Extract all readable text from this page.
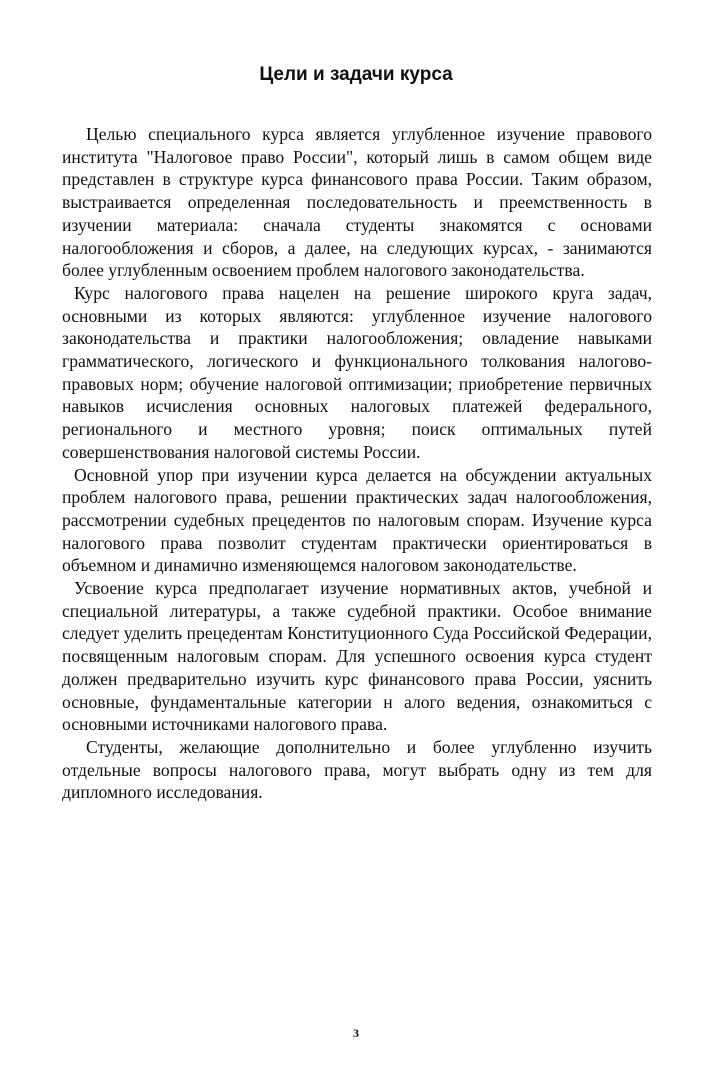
Цели и задачи курса

Целью специального курса является углубленное изучение правового института "Налоговое право России", который лишь в самом общем виде представлен в структуре курса финансового права России. Таким образом, выстраивается определенная последовательность и преемственность в изучении материала: сначала студенты знакомятся с основами налогообложения и сборов, а далее, на следующих курсах, - занимаются более углубленным освоением проблем налогового законодательства.

Курс налогового права нацелен на решение широкого круга задач, основными из которых являются: углубленное изучение налогового законодательства и практики налогообложения; овладение навыками грамматического, логического и функционального толкования налогово-правовых норм; обучение налоговой оптимизации; приобретение первичных навыков исчисления основных налоговых платежей федерального, регионального и местного уровня; поиск оптимальных путей совершенствования налоговой системы России.

Основной упор при изучении курса делается на обсуждении актуальных проблем налогового права, решении практических задач налогообложения, рассмотрении судебных прецедентов по налоговым спорам. Изучение курса налогового права позволит студентам практически ориентироваться в объемном и динамично изменяющемся налоговом законодательстве.

Усвоение курса предполагает изучение нормативных актов, учебной и специальной литературы, а также судебной практики. Особое внимание следует уделить прецедентам Конституционного Суда Российской Федерации, посвященным налоговым спорам. Для успешного освоения курса студент должен предварительно изучить курс финансового права России, уяснить основные, фундаментальные категории н алого ведения, ознакомиться с основными источниками налогового права.

Студенты, желающие дополнительно и более углубленно изучить отдельные вопросы налогового права, могут выбрать одну из тем для дипломного исследования.

3
